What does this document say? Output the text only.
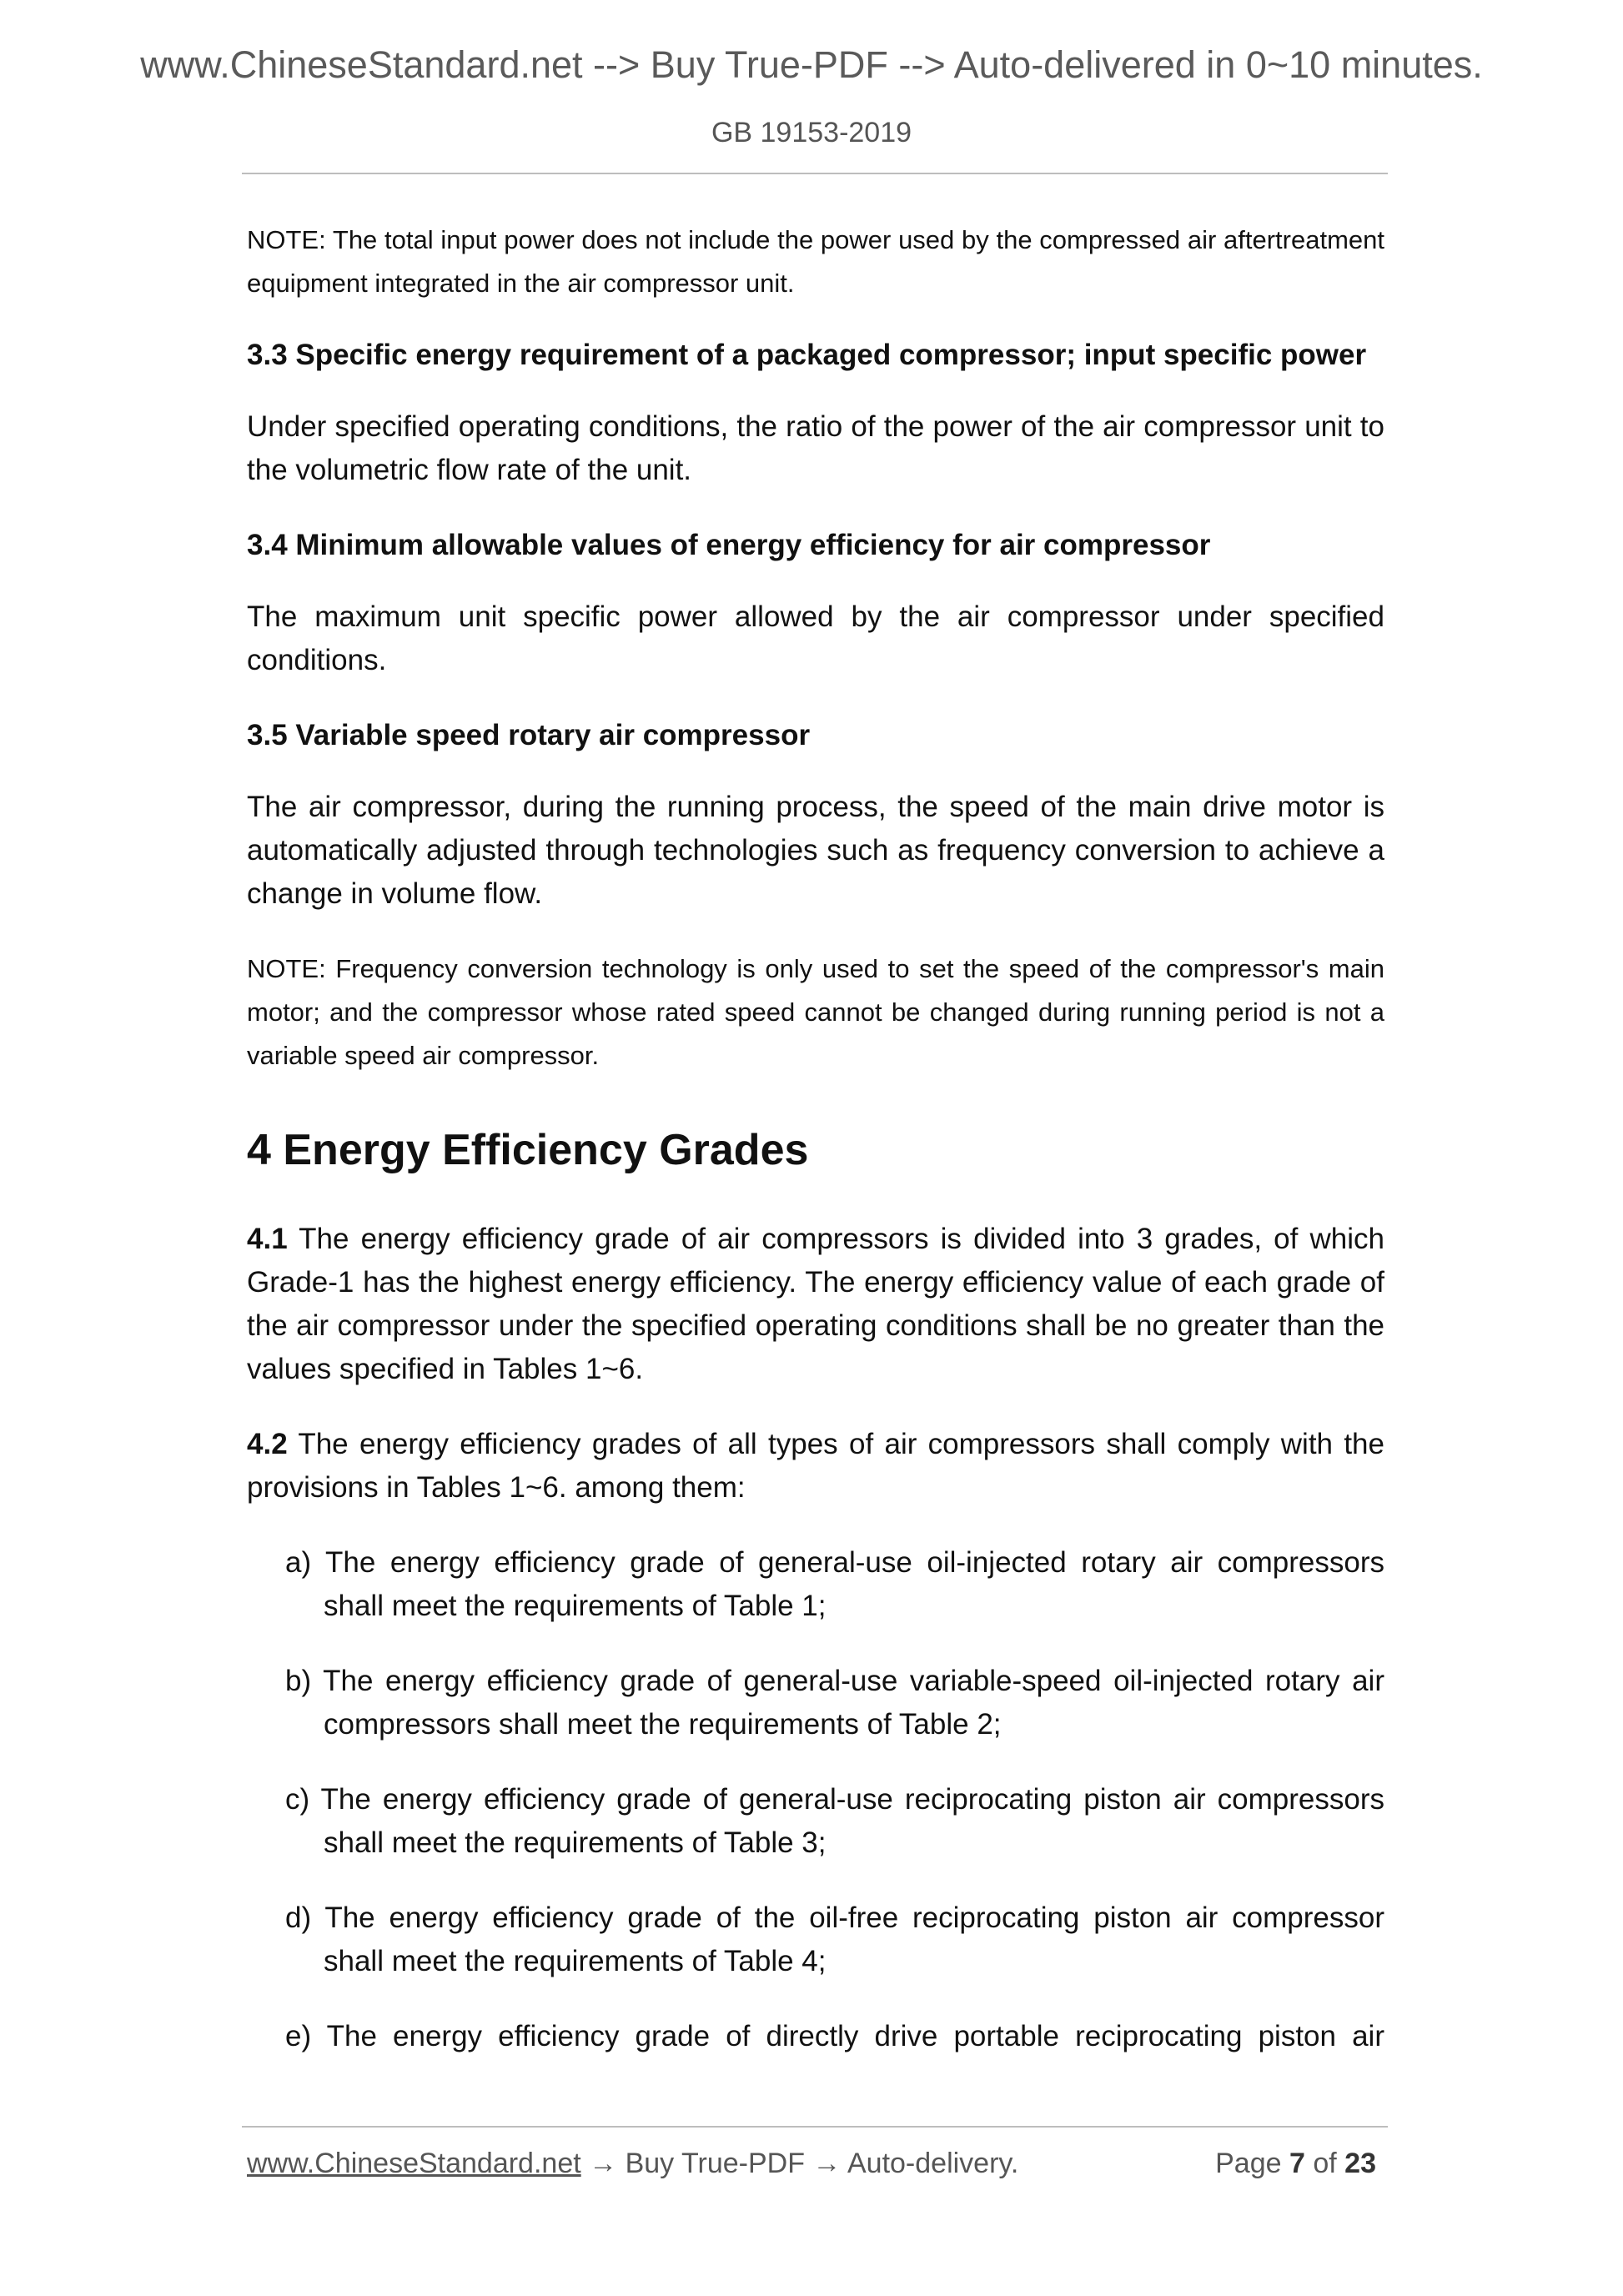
www.ChineseStandard.net --> Buy True-PDF --> Auto-delivered in 0~10 minutes.
GB 19153-2019

NOTE: The total input power does not include the power used by the compressed air aftertreatment equipment integrated in the air compressor unit.

3.3 Specific energy requirement of a packaged compressor; input specific power

Under specified operating conditions, the ratio of the power of the air compressor unit to the volumetric flow rate of the unit.

3.4 Minimum allowable values of energy efficiency for air compressor

The maximum unit specific power allowed by the air compressor under specified conditions.

3.5 Variable speed rotary air compressor

The air compressor, during the running process, the speed of the main drive motor is automatically adjusted through technologies such as frequency conversion to achieve a change in volume flow.

NOTE: Frequency conversion technology is only used to set the speed of the compressor's main motor; and the compressor whose rated speed cannot be changed during running period is not a variable speed air compressor.

4 Energy Efficiency Grades

4.1 The energy efficiency grade of air compressors is divided into 3 grades, of which Grade-1 has the highest energy efficiency. The energy efficiency value of each grade of the air compressor under the specified operating conditions shall be no greater than the values specified in Tables 1~6.

4.2 The energy efficiency grades of all types of air compressors shall comply with the provisions in Tables 1~6. among them:

a) The energy efficiency grade of general-use oil-injected rotary air compressors shall meet the requirements of Table 1;

b) The energy efficiency grade of general-use variable-speed oil-injected rotary air compressors shall meet the requirements of Table 2;

c) The energy efficiency grade of general-use reciprocating piston air compressors shall meet the requirements of Table 3;

d) The energy efficiency grade of the oil-free reciprocating piston air compressor shall meet the requirements of Table 4;

e) The energy efficiency grade of directly drive portable reciprocating piston air

www.ChineseStandard.net → Buy True-PDF → Auto-delivery.	Page 7 of 23
